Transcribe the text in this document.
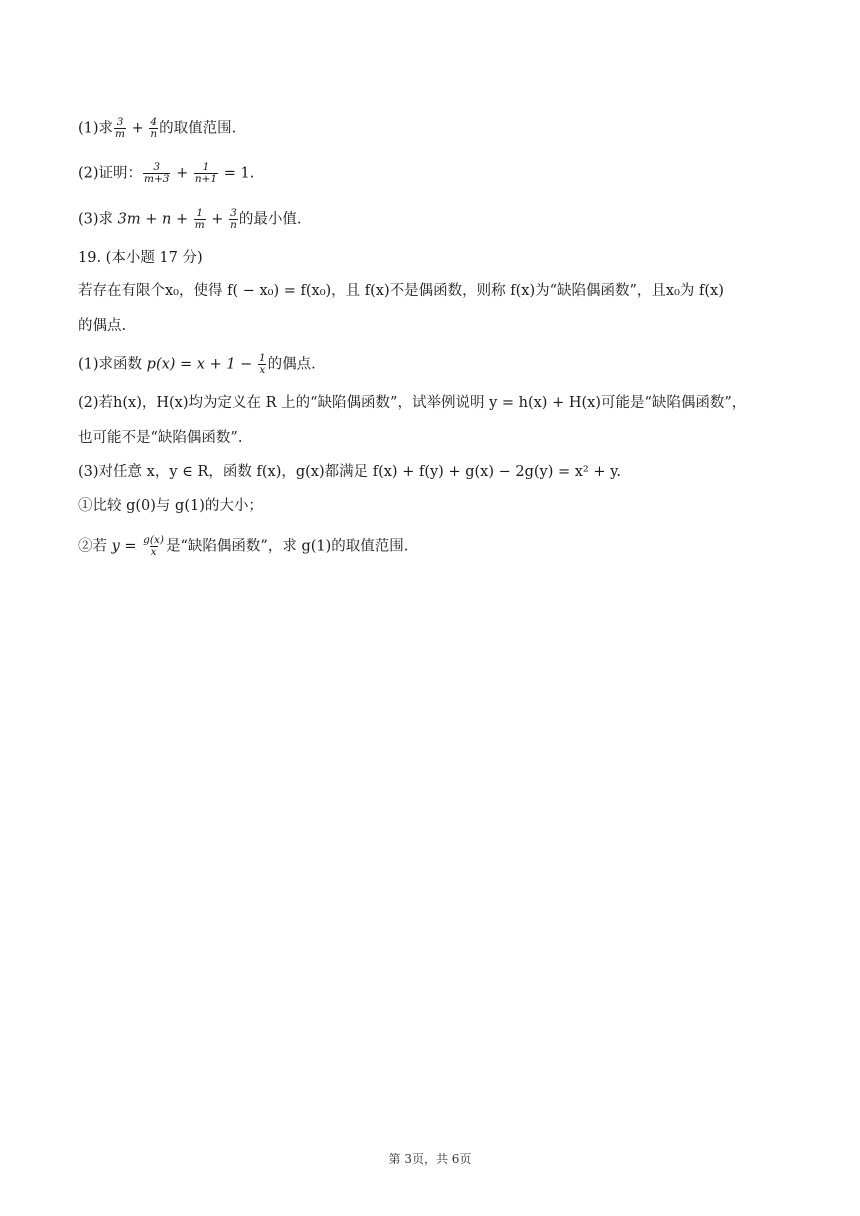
(1)求 $\frac{3}{m} + \frac{4}{n}$ 的取值范围.
(2)证明： $\frac{3}{m+3} + \frac{1}{n+1} = 1$.
(3)求 $3m + n + \frac{1}{m} + \frac{3}{n}$ 的最小值.
19. (本小题 17 分)
若存在有限个x₀，使得 f( − x₀) = f(x₀)，且 f(x)不是偶函数，则称 f(x)为“缺陷偶函数”，且x₀为 f(x)
的偶点.
(1)求函数 $p(x) = x + 1 - \frac{1}{x}$ 的偶点.
(2)若h(x)，H(x)均为定义在 R 上的“缺陷偶函数”，试举例说明 y = h(x) + H(x)可能是“缺陷偶函数”，
也可能不是“缺陷偶函数”.
(3)对任意 x，y ∈ R，函数 f(x)，g(x)都满足 f(x) + f(y) + g(x) − 2g(y) = x² + y.
①比较 g(0)与 g(1)的大小；
②若 $y = \frac{g(x)}{x}$ 是“缺陷偶函数”，求 g(1)的取值范围.
第 3页，共 6页
